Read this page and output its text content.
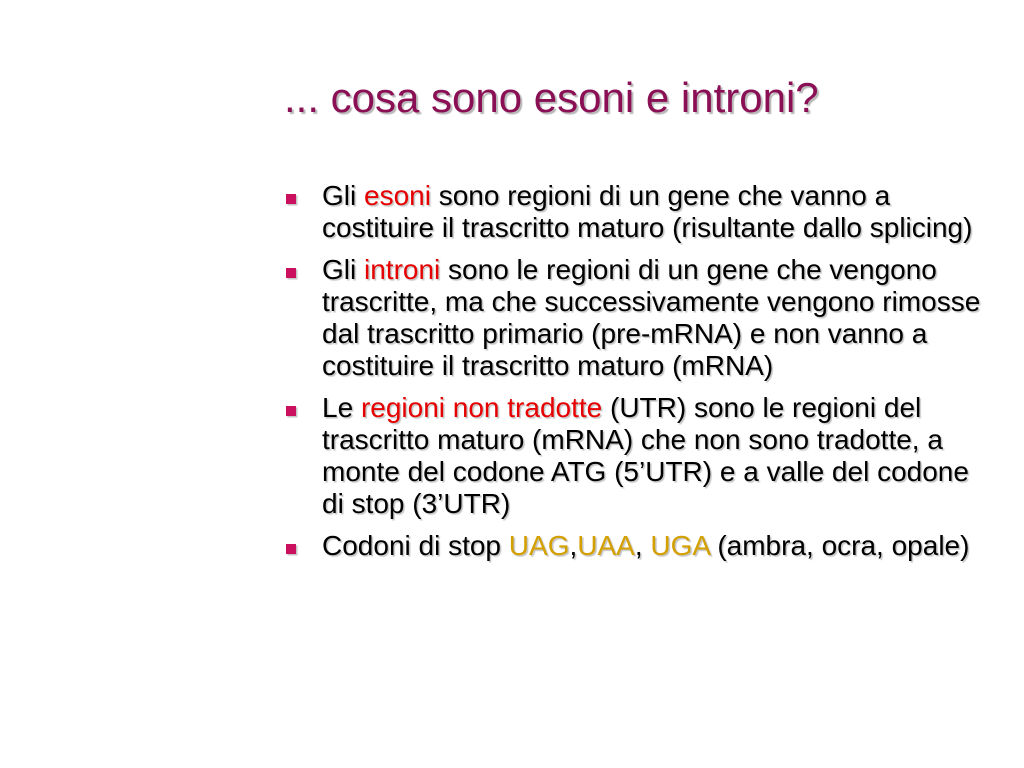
... cosa sono esoni e introni?
Gli esoni sono regioni di un gene che vanno a costituire il trascritto maturo (risultante dallo splicing)
Gli introni sono le regioni di un gene che vengono trascritte, ma che successivamente vengono rimosse dal trascritto primario (pre-mRNA) e non vanno a costituire il trascritto maturo (mRNA)
Le regioni non tradotte (UTR) sono le regioni del trascritto maturo (mRNA) che non sono tradotte, a monte del codone ATG (5’UTR) e a valle del codone di stop (3’UTR)
Codoni di stop UAG,UAA, UGA (ambra, ocra, opale)
